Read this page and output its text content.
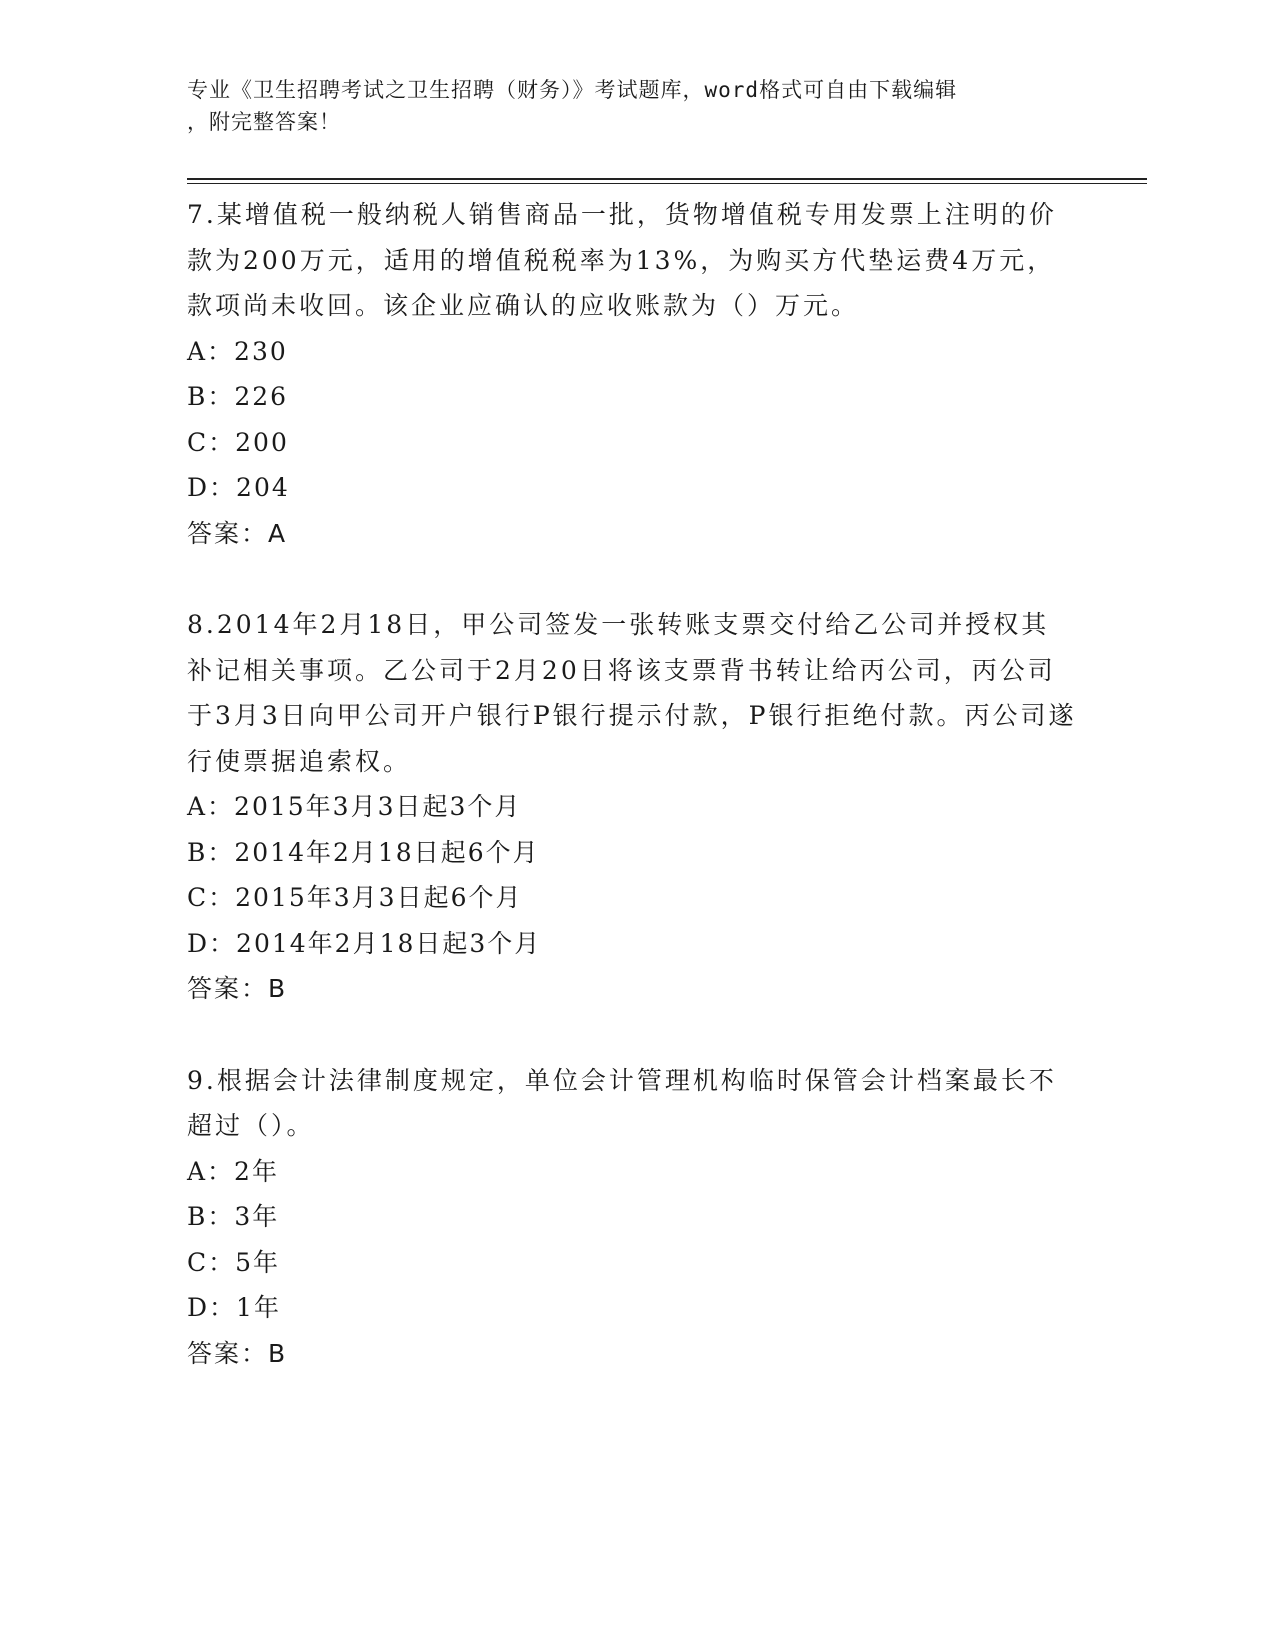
专业《卫生招聘考试之卫生招聘（财务）》考试题库，word格式可自由下载编辑
，附完整答案！
7.某增值税一般纳税人销售商品一批，货物增值税专用发票上注明的价款为200万元，适用的增值税税率为13%，为购买方代垫运费4万元，款项尚未收回。该企业应确认的应收账款为（）万元。
A：230
B：226
C：200
D：204
答案：A
8.2014年2月18日，甲公司签发一张转账支票交付给乙公司并授权其补记相关事项。乙公司于2月20日将该支票背书转让给丙公司，丙公司于3月3日向甲公司开户银行P银行提示付款，P银行拒绝付款。丙公司遂行使票据追索权。
A：2015年3月3日起3个月
B：2014年2月18日起6个月
C：2015年3月3日起6个月
D：2014年2月18日起3个月
答案：B
9.根据会计法律制度规定，单位会计管理机构临时保管会计档案最长不超过（）。
A：2年
B：3年
C：5年
D：1年
答案：B
